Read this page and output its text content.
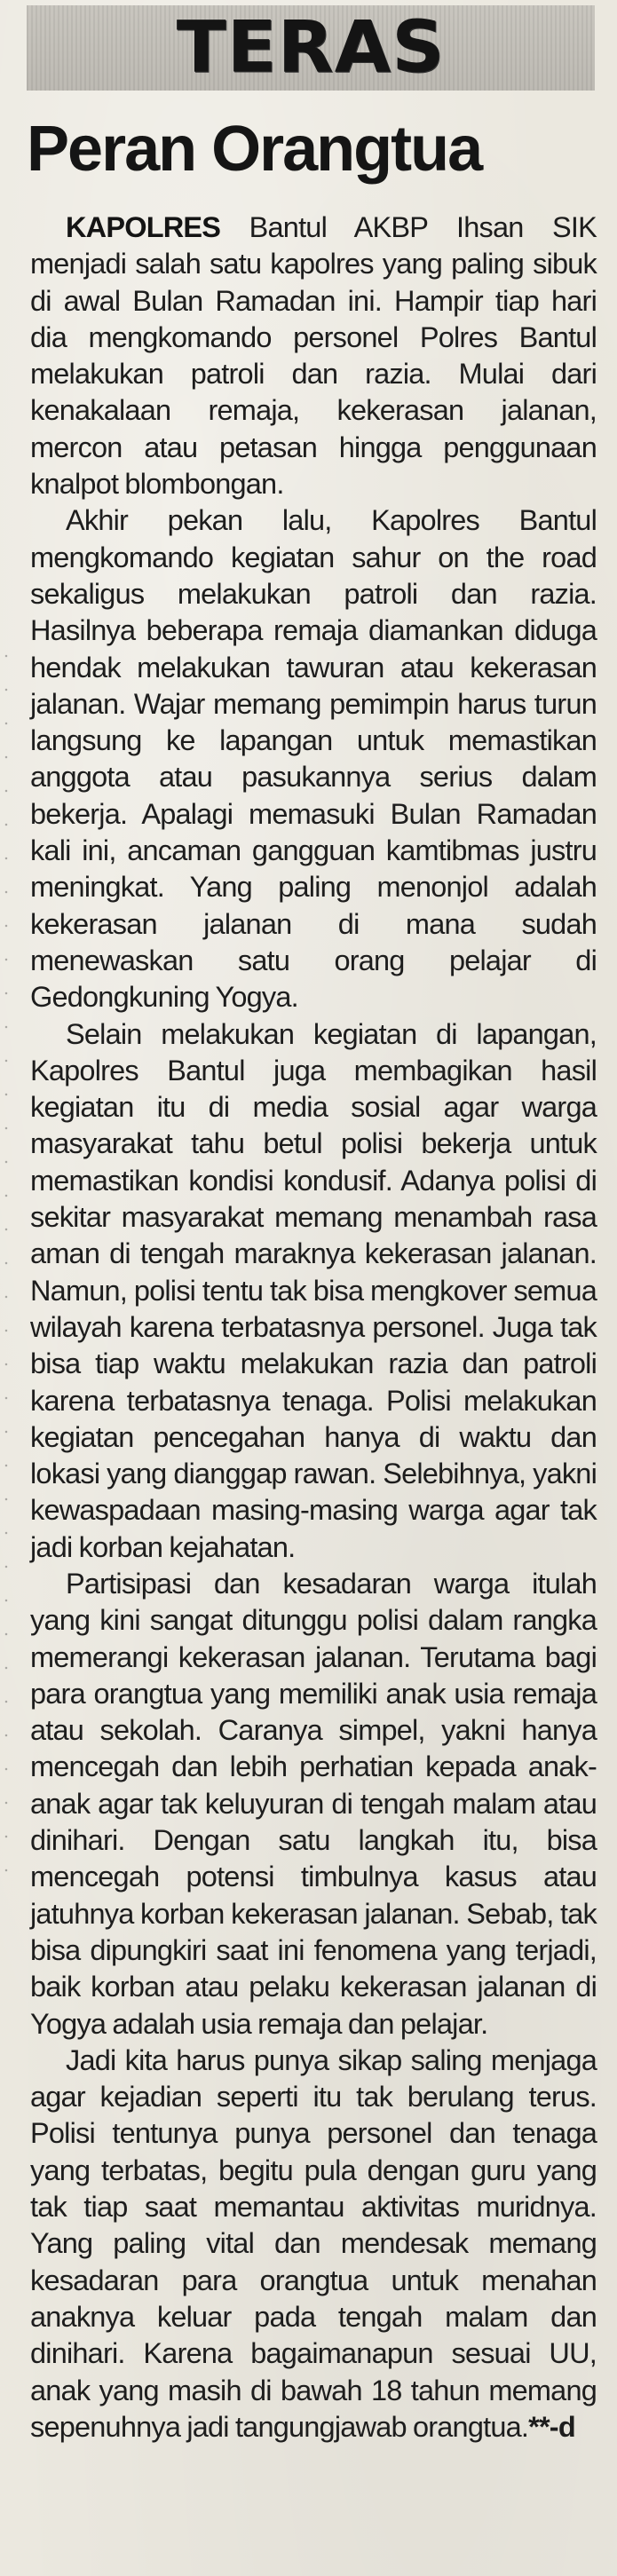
TERAS
Peran Orangtua

KAPOLRES Bantul AKBP Ihsan SIK menjadi salah satu kapolres yang paling sibuk di awal Bulan Ramadan ini. Hampir tiap hari dia mengkomando personel Polres Bantul melakukan patroli dan razia. Mulai dari kenakalaan remaja, kekerasan jalanan, mercon atau petasan hingga penggunaan knalpot blombongan.

Akhir pekan lalu, Kapolres Bantul mengkomando kegiatan sahur on the road sekaligus melakukan patroli dan razia. Hasilnya beberapa remaja diamankan diduga hendak melakukan tawuran atau kekerasan jalanan. Wajar memang pemimpin harus turun langsung ke lapangan untuk memastikan anggota atau pasukannya serius dalam bekerja. Apalagi memasuki Bulan Ramadan kali ini, ancaman gangguan kamtibmas justru meningkat. Yang paling menonjol adalah kekerasan jalanan di mana sudah menewaskan satu orang pelajar di Gedongkuning Yogya.

Selain melakukan kegiatan di lapangan, Kapolres Bantul juga membagikan hasil kegiatan itu di media sosial agar warga masyarakat tahu betul polisi bekerja untuk memastikan kondisi kondusif. Adanya polisi di sekitar masyarakat memang menambah rasa aman di tengah maraknya kekerasan jalanan. Namun, polisi tentu tak bisa mengkover semua wilayah karena terbatasnya personel. Juga tak bisa tiap waktu melakukan razia dan patroli karena terbatasnya tenaga. Polisi melakukan kegiatan pencegahan hanya di waktu dan lokasi yang dianggap rawan. Selebihnya, yakni kewaspadaan masing-masing warga agar tak jadi korban kejahatan.

Partisipasi dan kesadaran warga itulah yang kini sangat ditunggu polisi dalam rangka memerangi kekerasan jalanan. Terutama bagi para orangtua yang memiliki anak usia remaja atau sekolah. Caranya simpel, yakni hanya mencegah dan lebih perhatian kepada anak-anak agar tak keluyuran di tengah malam atau dinihari. Dengan satu langkah itu, bisa mencegah potensi timbulnya kasus atau jatuhnya korban kekerasan jalanan. Sebab, tak bisa dipungkiri saat ini fenomena yang terjadi, baik korban atau pelaku kekerasan jalanan di Yogya adalah usia remaja dan pelajar.

Jadi kita harus punya sikap saling menjaga agar kejadian seperti itu tak berulang terus. Polisi tentunya punya personel dan tenaga yang terbatas, begitu pula dengan guru yang tak tiap saat memantau aktivitas muridnya. Yang paling vital dan mendesak memang kesadaran para orangtua untuk menahan anaknya keluar pada tengah malam dan dinihari. Karena bagaimanapun sesuai UU, anak yang masih di bawah 18 tahun memang sepenuhnya jadi tangungjawab orangtua.**-d
